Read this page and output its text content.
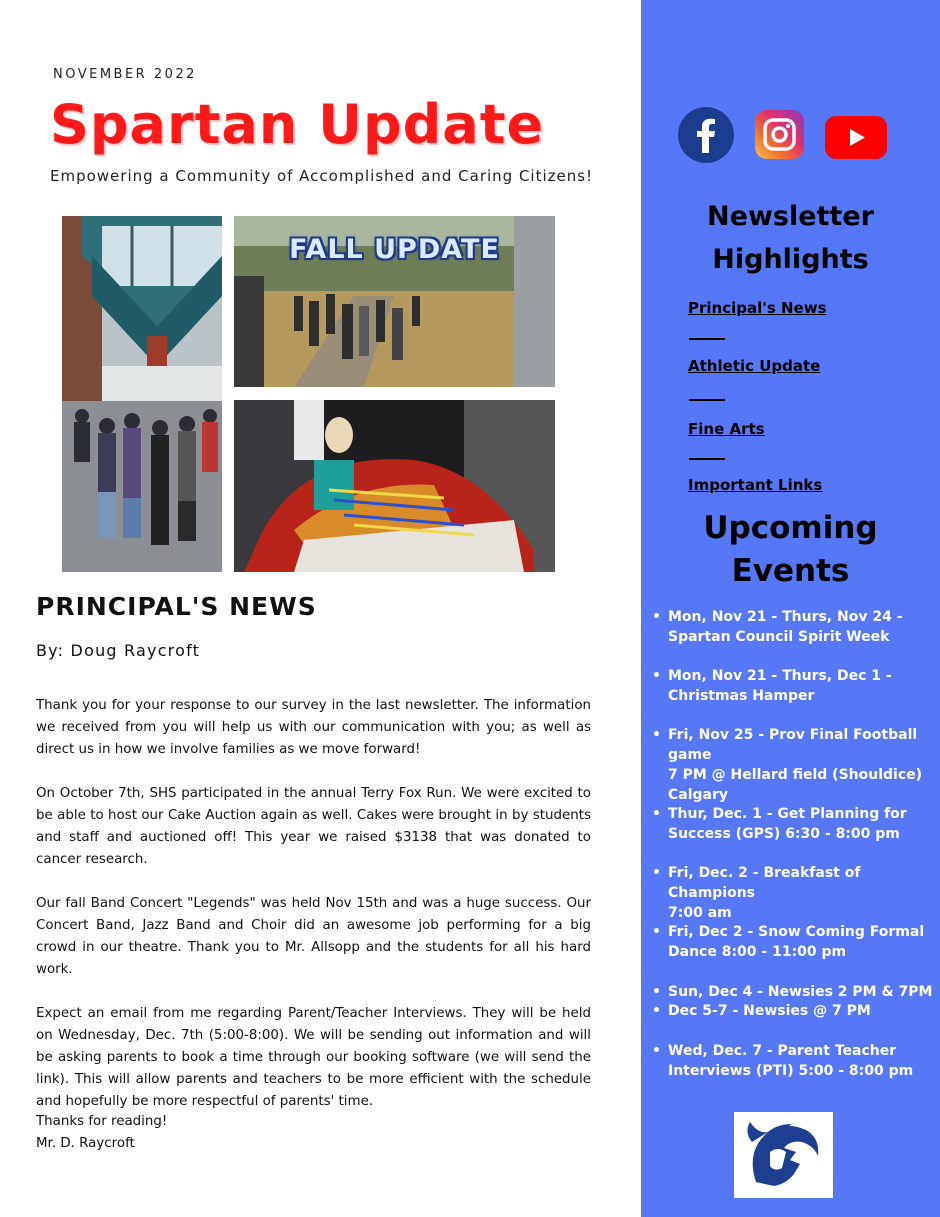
NOVEMBER 2022
Spartan Update
Empowering a Community of Accomplished and Caring Citizens!
FALL UPDATE
PRINCIPAL'S NEWS
By: Doug Raycroft

Thank you for your response to our survey in the last newsletter. The information we received from you will help us with our communication with you; as well as direct us in how we involve families as we move forward!

On October 7th, SHS participated in the annual Terry Fox Run. We were excited to be able to host our Cake Auction again as well. Cakes were brought in by students and staff and auctioned off! This year we raised $3138 that was donated to cancer research.

Our fall Band Concert "Legends" was held Nov 15th and was a huge success. Our Concert Band, Jazz Band and Choir did an awesome job performing for a big crowd in our theatre. Thank you to Mr. Allsopp and the students for all his hard work.

Expect an email from me regarding Parent/Teacher Interviews. They will be held on Wednesday, Dec. 7th (5:00-8:00). We will be sending out information and will be asking parents to book a time through our booking software (we will send the link). This will allow parents and teachers to be more efficient with the schedule and hopefully be more respectful of parents' time.

Thanks for reading!
Mr. D. Raycroft
Newsletter
Highlights
Principal's News
Athletic Update
Fine Arts
Important Links
Upcoming
Events
• Mon, Nov 21 - Thurs, Nov 24 -
Spartan Council Spirit Week
• Mon, Nov 21 - Thurs, Dec 1 -
Christmas Hamper
• Fri, Nov 25 - Prov Final Football game
7 PM @ Hellard field (Shouldice)
Calgary
• Thur, Dec. 1 - Get Planning for
Success (GPS) 6:30 - 8:00 pm
• Fri, Dec. 2 - Breakfast of Champions
7:00 am
• Fri, Dec 2 - Snow Coming Formal
Dance 8:00 - 11:00 pm
• Sun, Dec 4 - Newsies 2 PM & 7PM
• Dec 5-7 - Newsies @ 7 PM
• Wed, Dec. 7 - Parent Teacher
Interviews (PTI) 5:00 - 8:00 pm
